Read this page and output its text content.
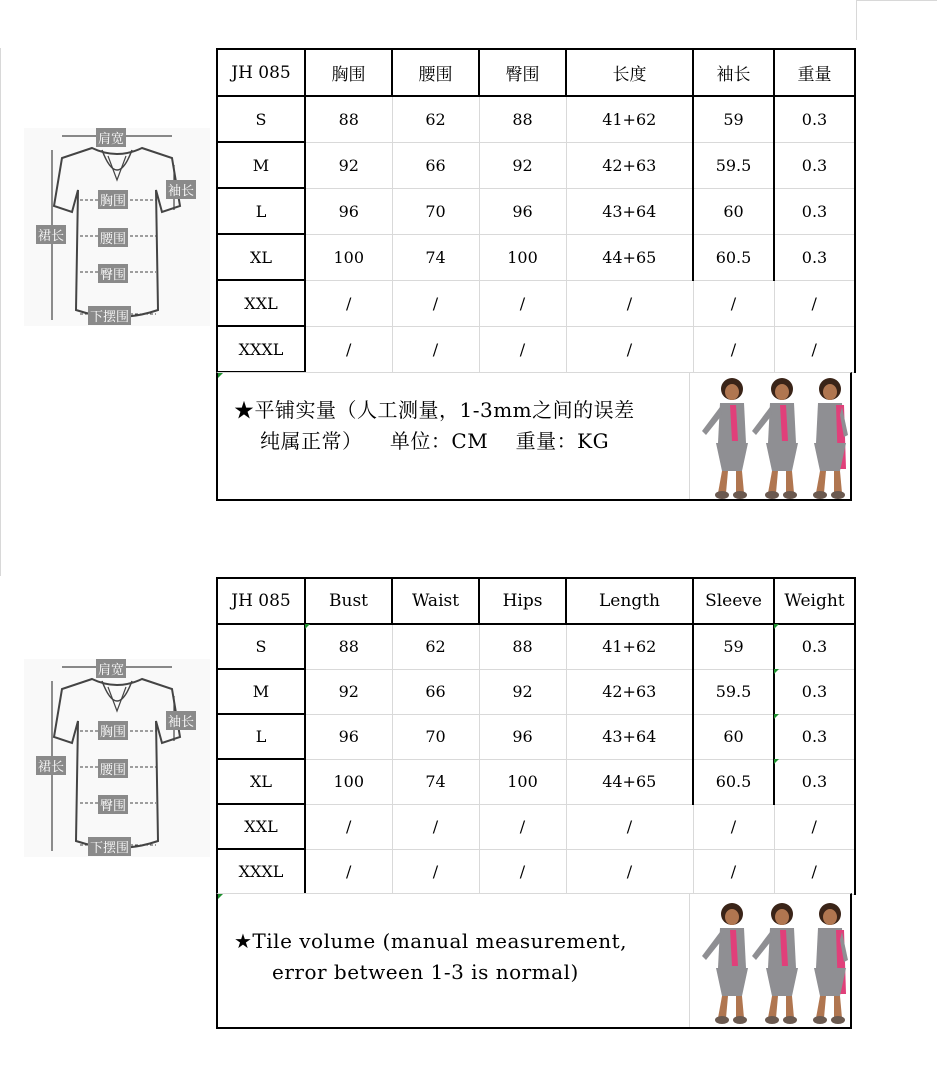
肩宽
袖长
胸围
裙长	腰围
臀围
下摆围
JH 085	胸围	腰围	臀围	长度	袖长	重量
S	88	62	88	41+62	59	0.3
M	92	66	92	42+63	59.5	0.3
L	96	70	96	43+64	60	0.3
XL	100	74	100	44+65	60.5	0.3
XXL	/	/	/	/	/	/
XXXL	/	/	/	/	/	/
★平铺实量（人工测量，1-3mm之间的误差
纯属正常）    单位：CM    重量：KG
肩宽
袖长
胸围
裙长	腰围
臀围
下摆围
JH 085	Bust	Waist	Hips	Length	Sleeve	Weight
S	88	62	88	41+62	59	0.3
M	92	66	92	42+63	59.5	0.3
L	96	70	96	43+64	60	0.3
XL	100	74	100	44+65	60.5	0.3
XXL	/	/	/	/	/	/
XXXL	/	/	/	/	/	/
★Tile volume (manual measurement,
error between 1-3 is normal)
